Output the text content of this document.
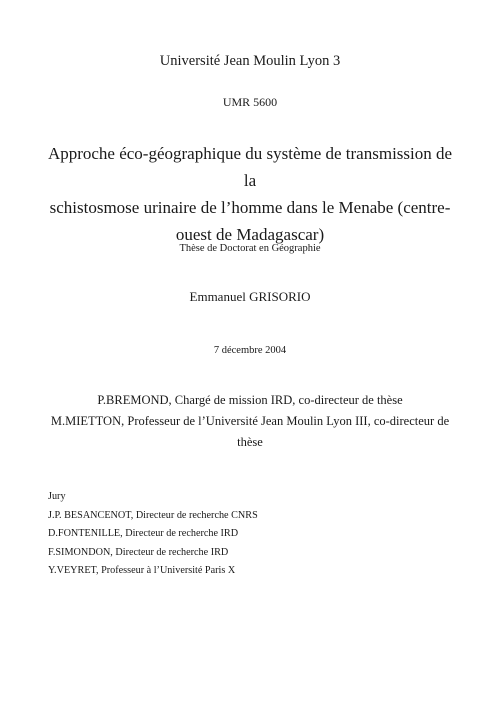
Université Jean Moulin Lyon 3
UMR 5600
Approche éco-géographique du système de transmission de la
schistosmose urinaire de l’homme dans le Menabe (centre-
ouest de Madagascar)
Thèse de Doctorat en Géographie
Emmanuel GRISORIO
7 décembre 2004
P.BREMOND, Chargé de mission IRD, co-directeur de thèse
M.MIETTON, Professeur de l’Université Jean Moulin Lyon III, co-directeur de
thèse
Jury
J.P. BESANCENOT, Directeur de recherche CNRS
D.FONTENILLE, Directeur de recherche IRD
F.SIMONDON, Directeur de recherche IRD
Y.VEYRET, Professeur à l’Université Paris X
